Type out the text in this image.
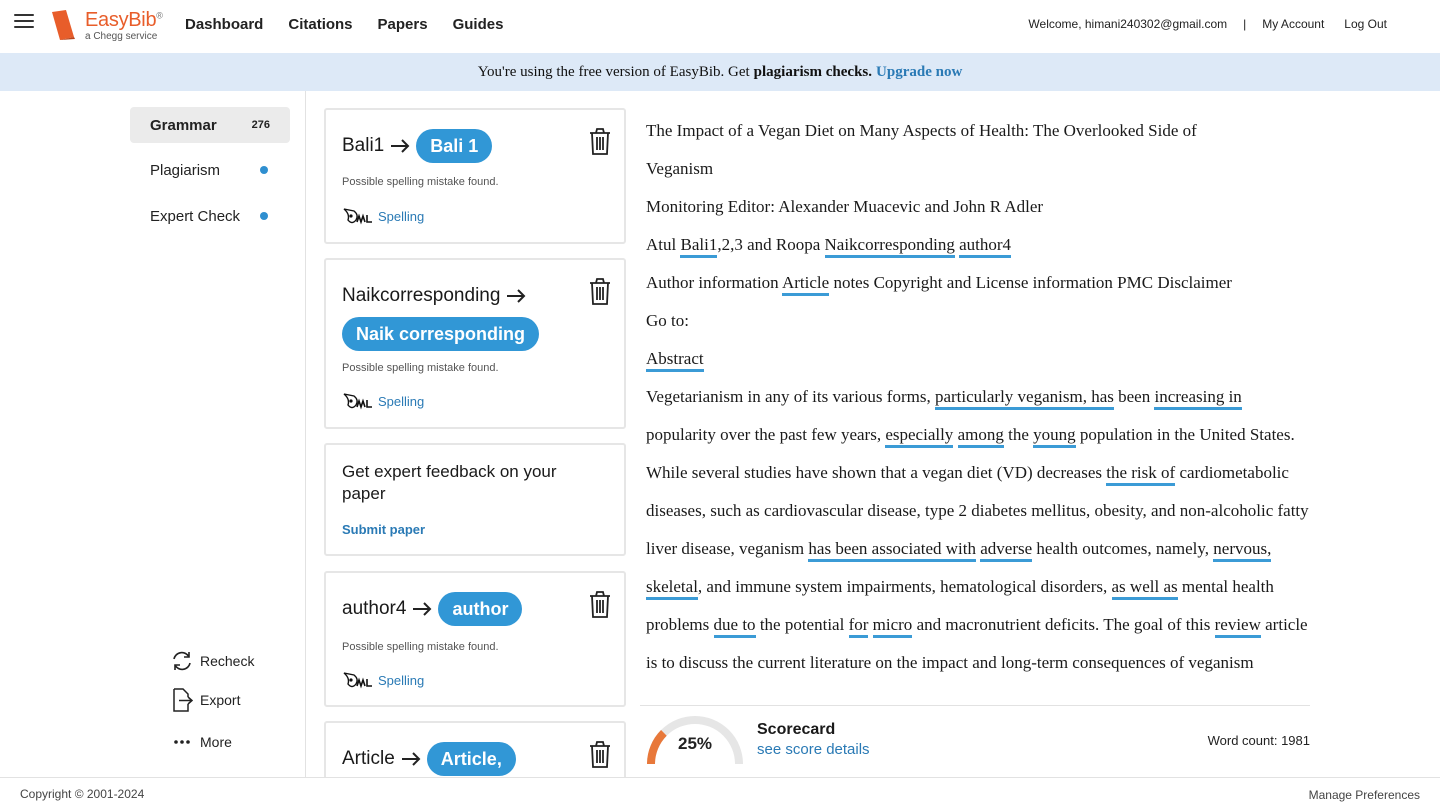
EasyBib®
a Chegg service
Dashboard Citations Papers Guides	Welcome, himani240302@gmail.com | My Account Log Out
You're using the free version of EasyBib. Get plagiarism checks. Upgrade now
Grammar	276
Plagiarism
Expert Check
Recheck
Export
More
Bali1	Bali 1
Possible spelling mistake found.
Spelling
Naikcorresponding
Naik corresponding
Possible spelling mistake found.
Spelling
Get expert feedback on your paper
Submit paper
author4	author
Possible spelling mistake found.
Spelling
Article	Article,

The Impact of a Vegan Diet on Many Aspects of Health: The Overlooked Side of
Veganism

Monitoring Editor: Alexander Muacevic and John R Adler

Atul Bali1,2,3 and Roopa Naikcorresponding author4

Author information Article notes Copyright and License information PMC Disclaimer

Go to:

Abstract

Vegetarianism in any of its various forms, particularly veganism, has been increasing in popularity over the past few years, especially among the young population in the United States. While several studies have shown that a vegan diet (VD) decreases the risk of cardiometabolic diseases, such as cardiovascular disease, type 2 diabetes mellitus, obesity, and non-alcoholic fatty liver disease, veganism has been associated with adverse health outcomes, namely, nervous, skeletal, and immune system impairments, hematological disorders, as well as mental health problems due to the potential for micro and macronutrient deficits. The goal of this review article is to discuss the current literature on the impact and long-term consequences of veganism

25%
Scorecard
see score details
Word count: 1981
Copyright © 2001-2024	Manage Preferences
